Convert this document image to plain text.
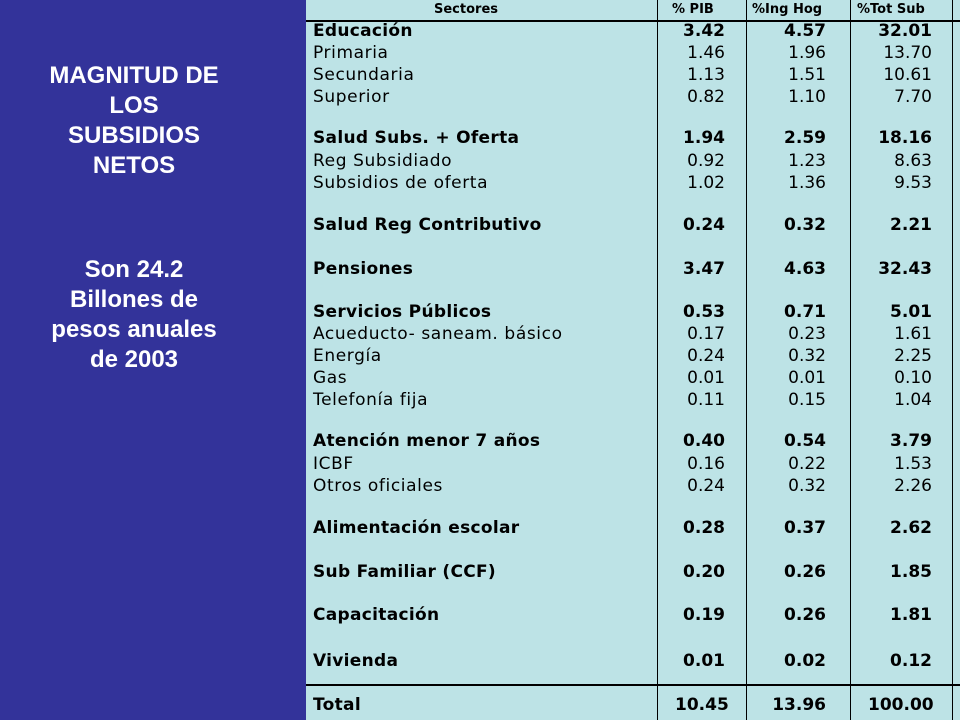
MAGNITUD DE
LOS
SUBSIDIOS
NETOS
Son 24.2
Billones de
pesos anuales
de 2003
Sectores	% PIB	%Ing Hog	%Tot Sub
Educación	3.42	4.57	32.01
Primaria	1.46	1.96	13.70
Secundaria	1.13	1.51	10.61
Superior	0.82	1.10	7.70
Salud Subs. + Oferta	1.94	2.59	18.16
Reg Subsidiado	0.92	1.23	8.63
Subsidios de oferta	1.02	1.36	9.53
Salud Reg Contributivo	0.24	0.32	2.21
Pensiones	3.47	4.63	32.43
Servicios Públicos	0.53	0.71	5.01
Acueducto- saneam. básico	0.17	0.23	1.61
Energía	0.24	0.32	2.25
Gas	0.01	0.01	0.10
Telefonía fija	0.11	0.15	1.04
Atención menor 7 años	0.40	0.54	3.79
ICBF	0.16	0.22	1.53
Otros oficiales	0.24	0.32	2.26
Alimentación escolar	0.28	0.37	2.62
Sub Familiar (CCF)	0.20	0.26	1.85
Capacitación	0.19	0.26	1.81
Vivienda	0.01	0.02	0.12
Total	10.45	13.96 100.00
